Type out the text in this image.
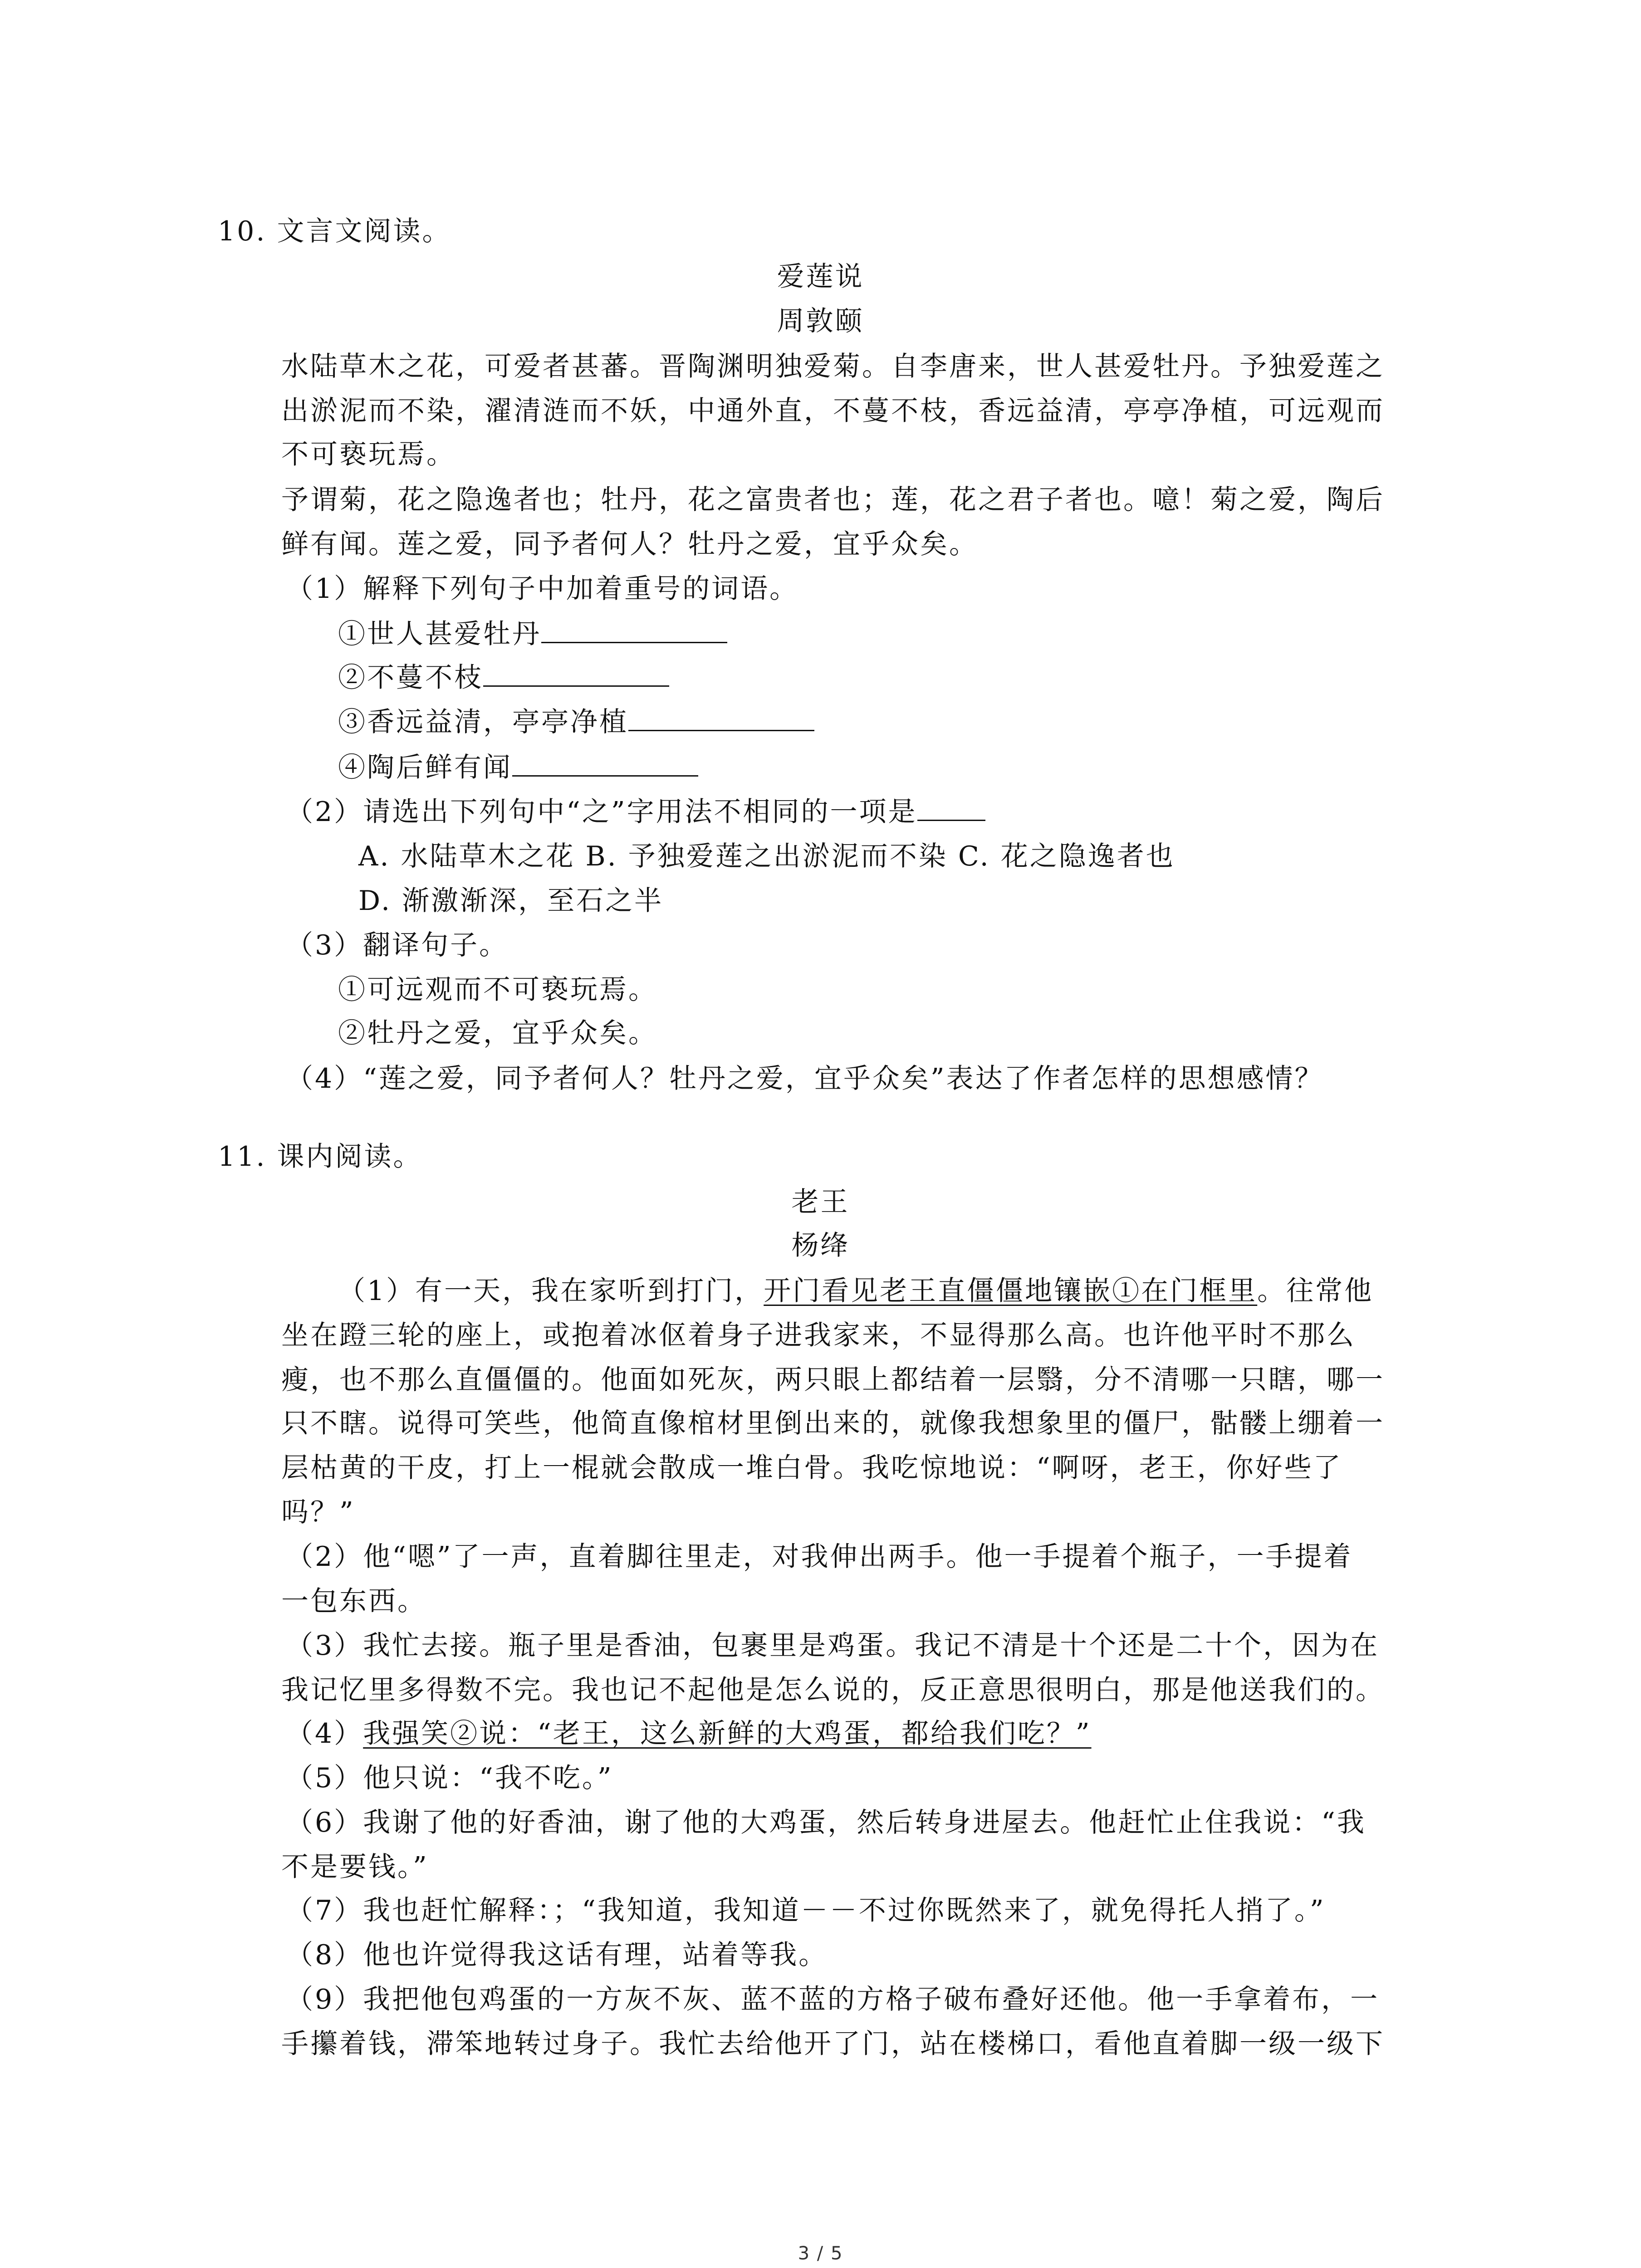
10. 文言文阅读。
爱莲说
周敦颐
水陆草木之花，可爱者甚蕃。晋陶渊明独爱菊。自李唐来，世人甚爱牡丹。予独爱莲之
出淤泥而不染，濯清涟而不妖，中通外直，不蔓不枝，香远益清，亭亭净植，可远观而
不可亵玩焉。
予谓菊，花之隐逸者也；牡丹，花之富贵者也；莲，花之君子者也。噫！菊之爱，陶后
鲜有闻。莲之爱，同予者何人？牡丹之爱，宜乎众矣。
（1）解释下列句子中加着重号的词语。
①世人甚爱牡丹
②不蔓不枝
③香远益清，亭亭净植
④陶后鲜有闻
（2）请选出下列句中“之”字用法不相同的一项是
A. 水陆草木之花 B. 予独爱莲之出淤泥而不染 C. 花之隐逸者也
D. 渐激渐深，至石之半
（3）翻译句子。
①可远观而不可亵玩焉。
②牡丹之爱，宜乎众矣。
（4）“莲之爱，同予者何人？牡丹之爱，宜乎众矣”表达了作者怎样的思想感情？
11. 课内阅读。
老王
杨绛
（1）有一天，我在家听到打门，开门看见老王直僵僵地镶嵌①在门框里。往常他
坐在蹬三轮的座上，或抱着冰伛着身子进我家来，不显得那么高。也许他平时不那么
瘦，也不那么直僵僵的。他面如死灰，两只眼上都结着一层翳，分不清哪一只瞎，哪一
只不瞎。说得可笑些，他简直像棺材里倒出来的，就像我想象里的僵尸，骷髅上绷着一
层枯黄的干皮，打上一棍就会散成一堆白骨。我吃惊地说：“啊呀，老王，你好些了
吗？”
（2）他“嗯”了一声，直着脚往里走，对我伸出两手。他一手提着个瓶子，一手提着
一包东西。
（3）我忙去接。瓶子里是香油，包裹里是鸡蛋。我记不清是十个还是二十个，因为在
我记忆里多得数不完。我也记不起他是怎么说的，反正意思很明白，那是他送我们的。
（4）我强笑②说：“老王，这么新鲜的大鸡蛋，都给我们吃？”
（5）他只说：“我不吃。”
（6）我谢了他的好香油，谢了他的大鸡蛋，然后转身进屋去。他赶忙止住我说：“我
不是要钱。”
（7）我也赶忙解释：；“我知道，我知道－－不过你既然来了，就免得托人捎了。”
（8）他也许觉得我这话有理，站着等我。
（9）我把他包鸡蛋的一方灰不灰、蓝不蓝的方格子破布叠好还他。他一手拿着布，一
手攥着钱，滞笨地转过身子。我忙去给他开了门，站在楼梯口，看他直着脚一级一级下
3 / 5
